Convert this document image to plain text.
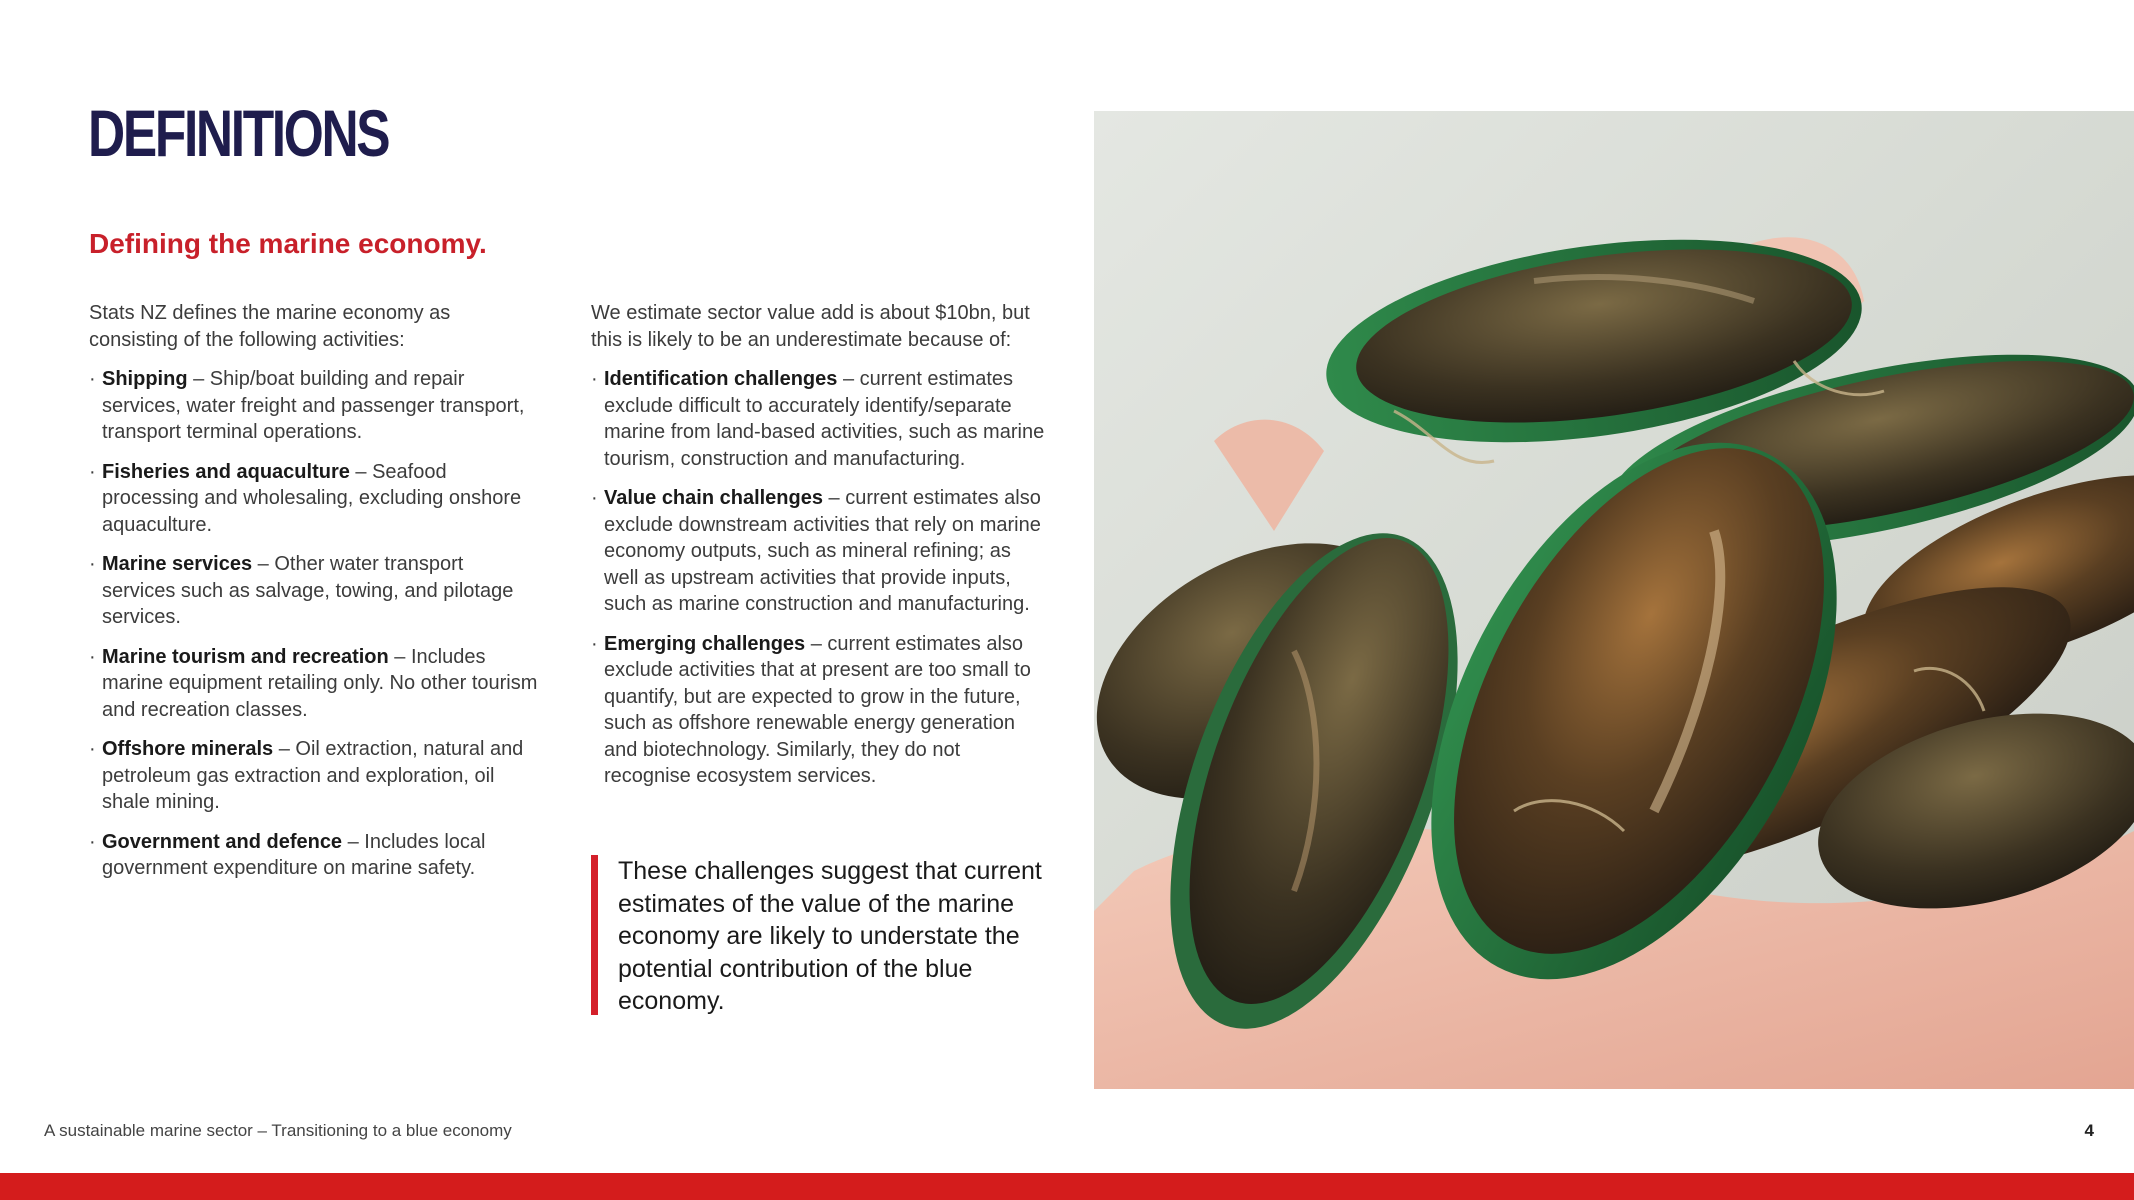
DEFINITIONS
Defining the marine economy.

Stats NZ defines the marine economy as consisting of the following activities:

· Shipping – Ship/boat building and repair services, water freight and passenger transport, transport terminal operations.
· Fisheries and aquaculture – Seafood processing and wholesaling, excluding onshore aquaculture.
· Marine services – Other water transport services such as salvage, towing, and pilotage services.
· Marine tourism and recreation – Includes marine equipment retailing only. No other tourism and recreation classes.
· Offshore minerals – Oil extraction, natural and petroleum gas extraction and exploration, oil shale mining.
· Government and defence – Includes local government expenditure on marine safety.

We estimate sector value add is about $10bn, but this is likely to be an underestimate because of:

· Identification challenges – current estimates exclude difficult to accurately identify/separate marine from land-based activities, such as marine tourism, construction and manufacturing.
· Value chain challenges – current estimates also exclude downstream activities that rely on marine economy outputs, such as mineral refining; as well as upstream activities that provide inputs, such as marine construction and manufacturing.
· Emerging challenges – current estimates also exclude activities that at present are too small to quantify, but are expected to grow in the future, such as offshore renewable energy generation and biotechnology. Similarly, they do not recognise ecosystem services.

These challenges suggest that current estimates of the value of the marine economy are likely to understate the potential contribution of the blue economy.

A sustainable marine sector – Transitioning to a blue economy	4
